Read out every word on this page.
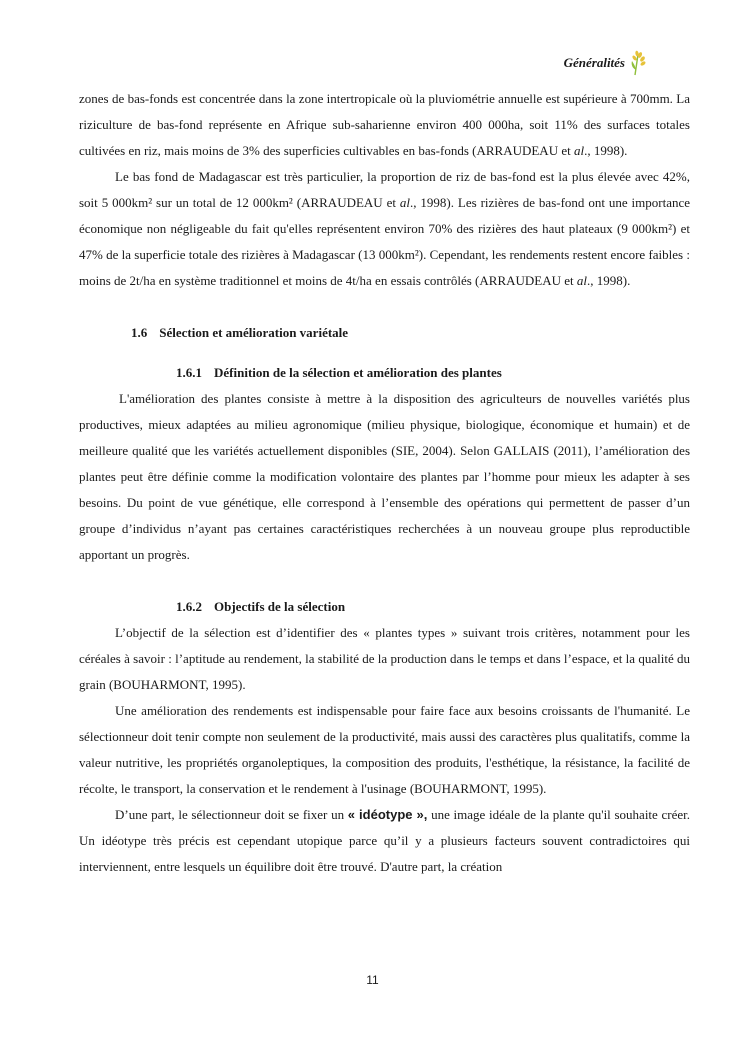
Généralités

zones de bas-fonds est concentrée dans la zone intertropicale où la pluviométrie annuelle est supérieure à 700mm. La riziculture de bas-fond représente en Afrique sub-saharienne environ 400 000ha, soit 11% des surfaces totales cultivées en riz, mais moins de 3% des superficies cultivables en bas-fonds (ARRAUDEAU et al., 1998).

Le bas fond de Madagascar est très particulier, la proportion de riz de bas-fond est la plus élevée avec 42%, soit 5 000km² sur un total de 12 000km² (ARRAUDEAU et al., 1998). Les rizières de bas-fond ont une importance économique non négligeable du fait qu'elles représentent environ 70% des rizières des haut plateaux (9 000km²) et 47% de la superficie totale des rizières à Madagascar (13 000km²). Cependant, les rendements restent encore faibles : moins de 2t/ha en système traditionnel et moins de 4t/ha en essais contrôlés (ARRAUDEAU et al., 1998).

1.6 Sélection et amélioration variétale
1.6.1 Définition de la sélection et amélioration des plantes

L'amélioration des plantes consiste à mettre à la disposition des agriculteurs de nouvelles variétés plus productives, mieux adaptées au milieu agronomique (milieu physique, biologique, économique et humain) et de meilleure qualité que les variétés actuellement disponibles (SIE, 2004). Selon GALLAIS (2011), l’amélioration des plantes peut être définie comme la modification volontaire des plantes par l’homme pour mieux les adapter à ses besoins. Du point de vue génétique, elle correspond à l’ensemble des opérations qui permettent de passer d’un groupe d’individus n’ayant pas certaines caractéristiques recherchées à un nouveau groupe plus reproductible apportant un progrès.

1.6.2 Objectifs de la sélection

L’objectif de la sélection est d’identifier des « plantes types » suivant trois critères, notamment pour les céréales à savoir : l’aptitude au rendement, la stabilité de la production dans le temps et dans l’espace, et la qualité du grain (BOUHARMONT, 1995).

Une amélioration des rendements est indispensable pour faire face aux besoins croissants de l'humanité. Le sélectionneur doit tenir compte non seulement de la productivité, mais aussi des caractères plus qualitatifs, comme la valeur nutritive, les propriétés organoleptiques, la composition des produits, l'esthétique, la résistance, la facilité de récolte, le transport, la conservation et le rendement à l'usinage (BOUHARMONT, 1995).

D’une part, le sélectionneur doit se fixer un « idéotype », une image idéale de la plante qu'il souhaite créer. Un idéotype très précis est cependant utopique parce qu’il y a plusieurs facteurs souvent contradictoires qui interviennent, entre lesquels un équilibre doit être trouvé. D'autre part, la création

11
